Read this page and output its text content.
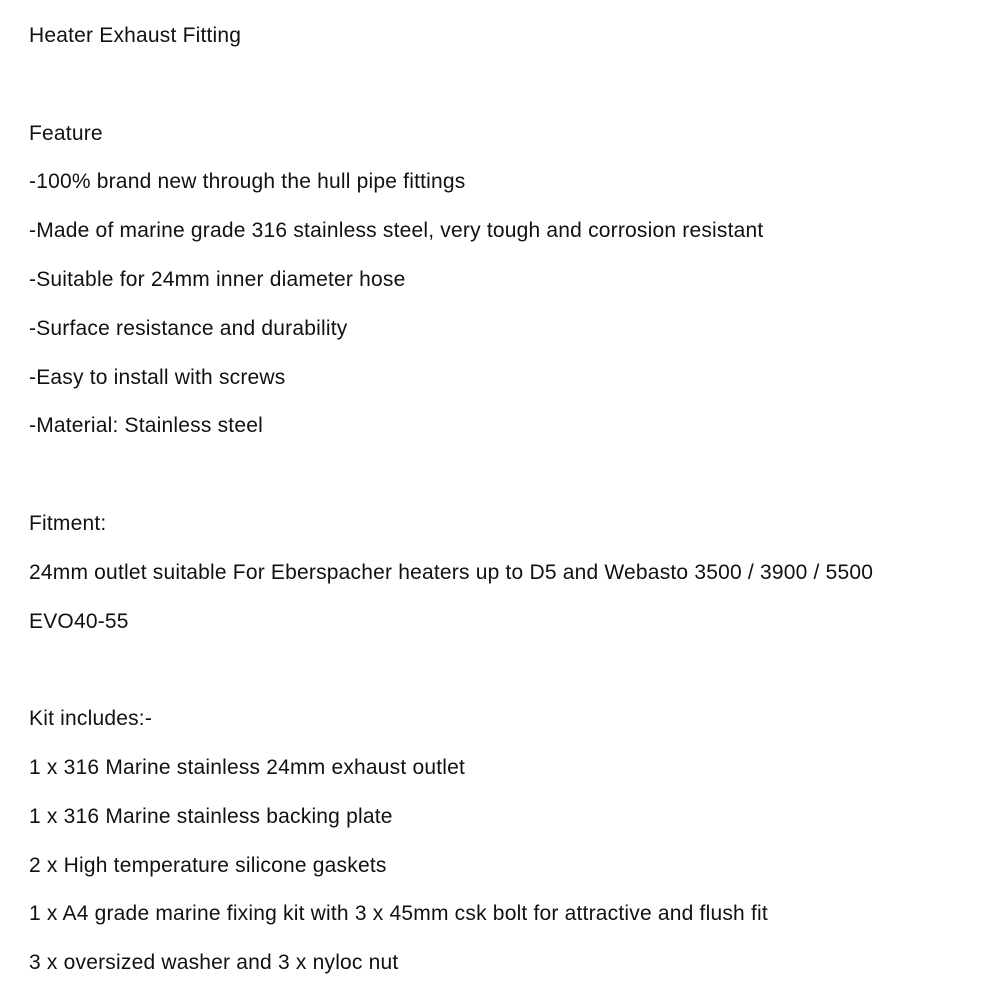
Heater Exhaust Fitting
Feature
-100% brand new through the hull pipe fittings
-Made of marine grade 316 stainless steel, very tough and corrosion resistant
-Suitable for 24mm inner diameter hose
-Surface resistance and durability
-Easy to install with screws
-Material: Stainless steel
Fitment:
24mm outlet suitable For Eberspacher heaters up to D5 and Webasto 3500 / 3900 / 5500
EVO40-55
Kit includes:-
1 x 316 Marine stainless 24mm exhaust outlet
1 x 316 Marine stainless backing plate
2 x High temperature silicone gaskets
1 x A4 grade marine fixing kit with 3 x 45mm csk bolt for attractive and flush fit
3 x oversized washer and 3 x nyloc nut
